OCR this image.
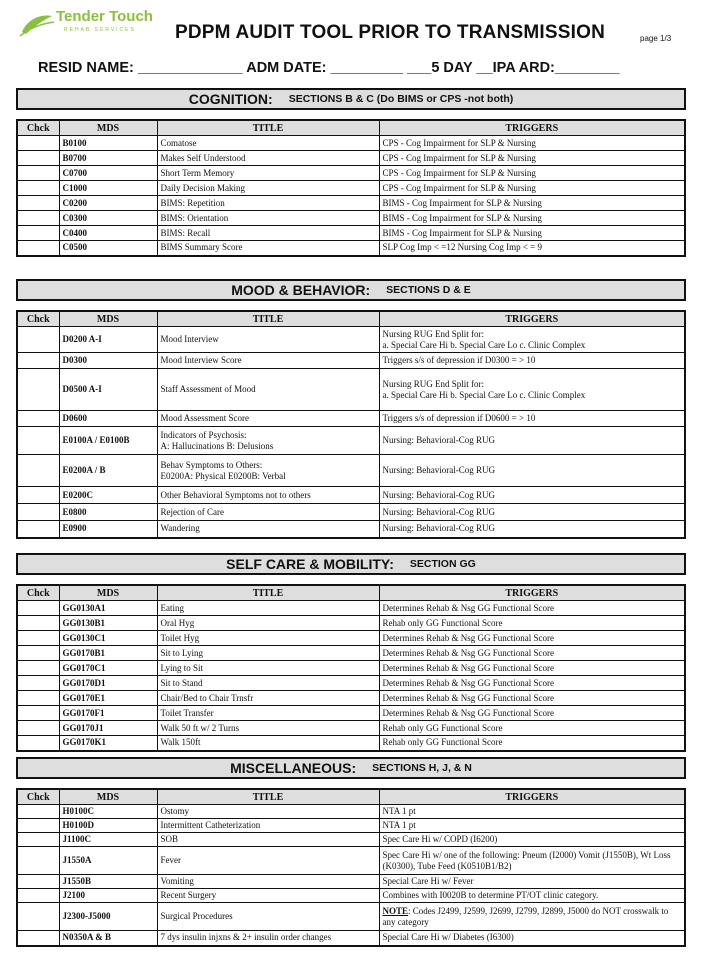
Tender Touch
REHAB SERVICES PDPM AUDIT TOOL PRIOR TO TRANSMISSION	page 1/3
RESID NAME: _____________ ADM DATE: _________ ___5 DAY __IPA ARD:________
COGNITION: SECTIONS B & C (Do BIMS or CPS -not both)
Chck	MDS	TITLE	TRIGGERS
	B0100	Comatose	CPS - Cog Impairment for SLP & Nursing
	B0700	Makes Self Understood	CPS - Cog Impairment for SLP & Nursing
	C0700	Short Term Memory	CPS - Cog Impairment for SLP & Nursing
	C1000	Daily Decision Making	CPS - Cog Impairment for SLP & Nursing
	C0200	BIMS: Repetition	BIMS - Cog Impairment for SLP & Nursing
	C0300	BIMS: Orientation	BIMS - Cog Impairment for SLP & Nursing
	C0400	BIMS: Recall	BIMS - Cog Impairment for SLP & Nursing
	C0500	BIMS Summary Score	SLP Cog Imp < =12 Nursing Cog Imp < = 9
MOOD & BEHAVIOR: SECTIONS D & E
Chck	MDS	TITLE	TRIGGERS
	D0200 A-I	Mood Interview	Nursing RUG End Split for:
a. Special Care Hi b. Special Care Lo c. Clinic Complex
	D0300	Mood Interview Score	Triggers s/s of depression if D0300 = > 10
	D0500 A-I	Staff Assessment of Mood	Nursing RUG End Split for:
a. Special Care Hi b. Special Care Lo c. Clinic Complex
	D0600	Mood Assessment Score	Triggers s/s of depression if D0600 = > 10
	E0100A / E0100B	Indicators of Psychosis:
A: Hallucinations B: Delusions	Nursing: Behavioral-Cog RUG
	E0200A / B	Behav Symptoms to Others:
E0200A: Physical E0200B: Verbal	Nursing: Behavioral-Cog RUG
	E0200C	Other Behavioral Symptoms not to others	Nursing: Behavioral-Cog RUG
	E0800	Rejection of Care	Nursing: Behavioral-Cog RUG
	E0900	Wandering	Nursing: Behavioral-Cog RUG
SELF CARE & MOBILITY: SECTION GG
Chck	MDS	TITLE	TRIGGERS
	GG0130A1	Eating	Determines Rehab & Nsg GG Functional Score
	GG0130B1	Oral Hyg	Rehab only GG Functional Score
	GG0130C1	Toilet Hyg	Determines Rehab & Nsg GG Functional Score
	GG0170B1	Sit to Lying	Determines Rehab & Nsg GG Functional Score
	GG0170C1	Lying to Sit	Determines Rehab & Nsg GG Functional Score
	GG0170D1	Sit to Stand	Determines Rehab & Nsg GG Functional Score
	GG0170E1	Chair/Bed to Chair Trnsfr	Determines Rehab & Nsg GG Functional Score
	GG0170F1	Toilet Transfer	Determines Rehab & Nsg GG Functional Score
	GG0170J1	Walk 50 ft w/ 2 Turns	Rehab only GG Functional Score
	GG0170K1	Walk 150ft	Rehab only GG Functional Score
MISCELLANEOUS: SECTIONS H, J, & N
Chck	MDS	TITLE	TRIGGERS
	H0100C	Ostomy	NTA 1 pt
	H0100D	Intermittent Catheterization	NTA 1 pt
	J1100C	SOB	Spec Care Hi w/ COPD (I6200)
	J1550A	Fever	Spec Care Hi w/ one of the following: Pneum (I2000) Vomit (J1550B), Wt Loss (K0300), Tube Feed (K0510B1/B2)
	J1550B	Vomiting	Special Care Hi w/ Fever
	J2100	Recent Surgery	Combines with I0020B to determine PT/OT clinic category.
	J2300-J5000	Surgical Procedures	NOTE: Codes J2499, J2599, J2699, J2799, J2899, J5000 do NOT crosswalk to any category
	N0350A & B	7 dys insulin injxns & 2+ insulin order changes	Special Care Hi w/ Diabetes (I6300)
